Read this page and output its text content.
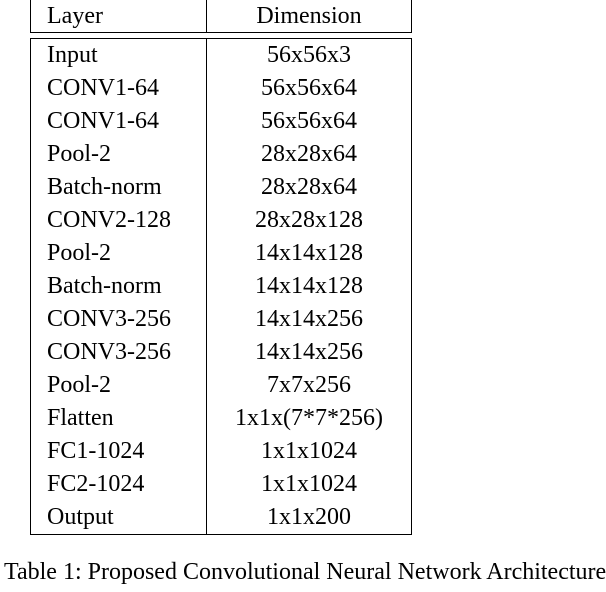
Layer	Dimension
Input	56x56x3
CONV1-64	56x56x64
CONV1-64	56x56x64
Pool-2	28x28x64
Batch-norm	28x28x64
CONV2-128	28x28x128
Pool-2	14x14x128
Batch-norm	14x14x128
CONV3-256	14x14x256
CONV3-256	14x14x256
Pool-2	7x7x256
Flatten	1x1x(7*7*256)
FC1-1024	1x1x1024
FC2-1024	1x1x1024
Output	1x1x200
Table 1: Proposed Convolutional Neural Network Architecture
